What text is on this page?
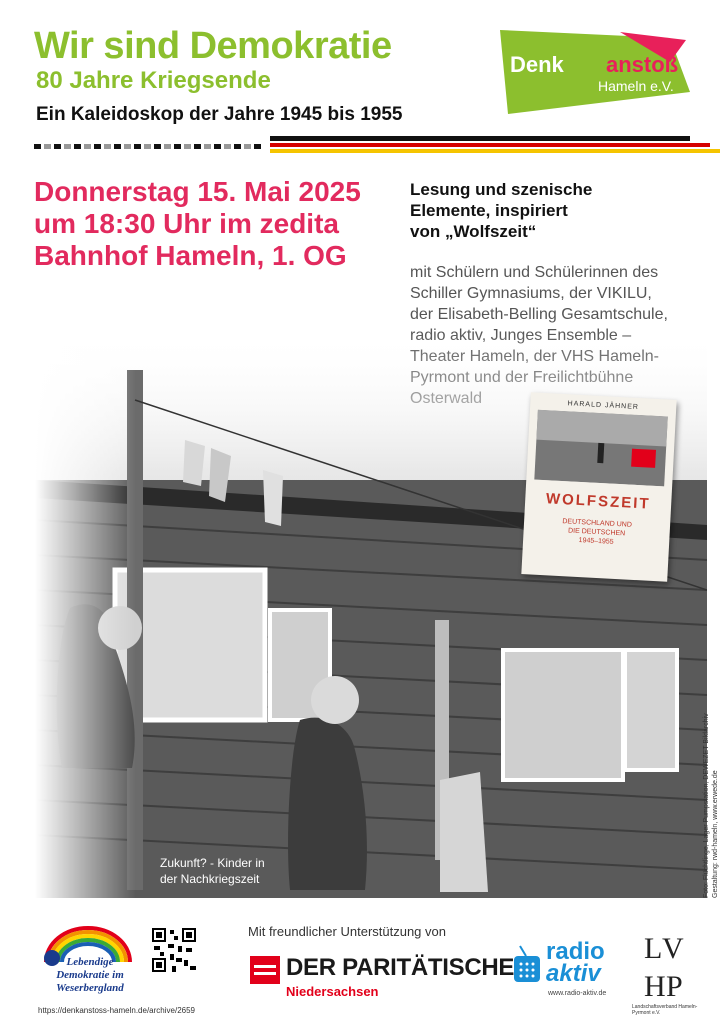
Wir sind Demokratie
80 Jahre Kriegsende
Ein Kaleidoskop der Jahre 1945 bis 1955
Denk anstoß
Hameln e.V.
Donnerstag 15. Mai 2025
um 18:30 Uhr im zedita
Bahnhof Hameln, 1. OG
Lesung und szenische
Elemente, inspiriert
von „Wolfszeit“
mit Schülern und Schülerinnen des
Schiller Gymnasiums, der VIKILU,
der Elisabeth-Belling Gesamtschule,
Zukunft? - Kinder in
der Nachkriegszeit
HARALD JÄHNER
WOLFSZEIT
DEUTSCHLAND UND
DIE DEUTSCHEN
1945–1955
Foto: Flüchtlinge, Lager Pumpstation, DEWEZET Bildarchiv Gestaltung: rwd-hameln, www.erwede.de
Mit freundlicher Unterstützung von
Lebendige
Demokratie im
Weserbergland
https://denkanstoss-hameln.de/archive/2659
DER PARITÄTISCHE
Niedersachsen
radio
aktiv
www.radio-aktiv.de
L V
H P
Landschaftsverband Hameln-Pyrmont e.V.
